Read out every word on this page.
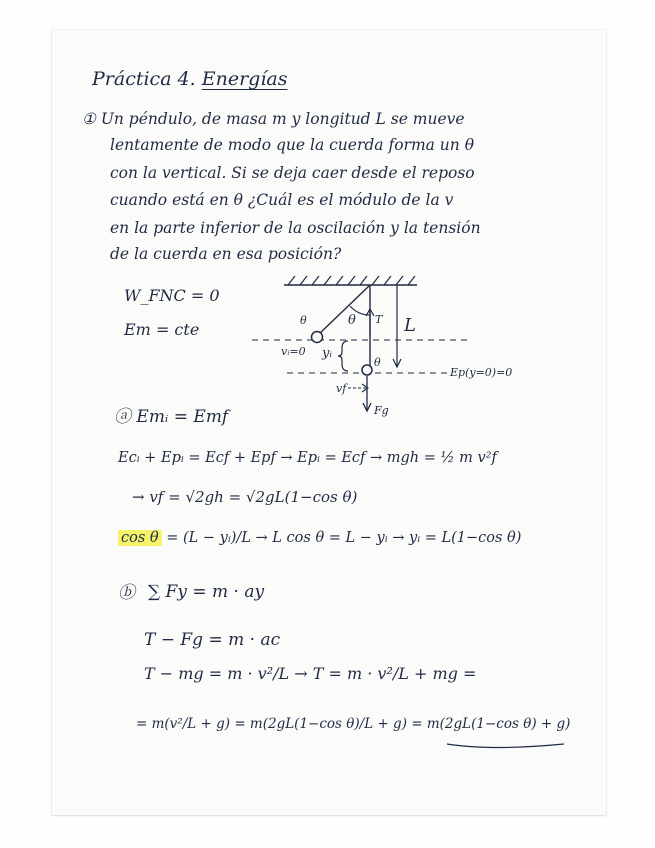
Práctica 4. Energías
① Un péndulo, de masa m y longitud L se mueve
lentamente de modo que la cuerda forma un θ
con la vertical. Si se deja caer desde el reposo
cuando está en θ ¿Cuál es el módulo de la v
en la parte inferior de la oscilación y la tensión
de la cuerda en esa posición?
W_FNC = 0
Em = cte	θ	θ T L
vᵢ=0 yᵢ
θ
vf
Fg
Ep(y=0)=0
ⓐ Emᵢ = Emf
Ecᵢ + Epᵢ = Ecf + Epf → Epᵢ = Ecf → mgh = ½ m v²f
→ vf = √2gh = √2gL(1−cos θ)
cos θ = (L − yᵢ)/L → L cos θ = L − yᵢ → yᵢ = L(1−cos θ)
ⓑ ∑ Fy = m · ay
T − Fg = m · ac
T − mg = m · v²/L → T = m · v²/L + mg =
= m(v²/L + g) = m(2gL(1−cos θ)/L + g) = m(2gL(1−cos θ) + g)
